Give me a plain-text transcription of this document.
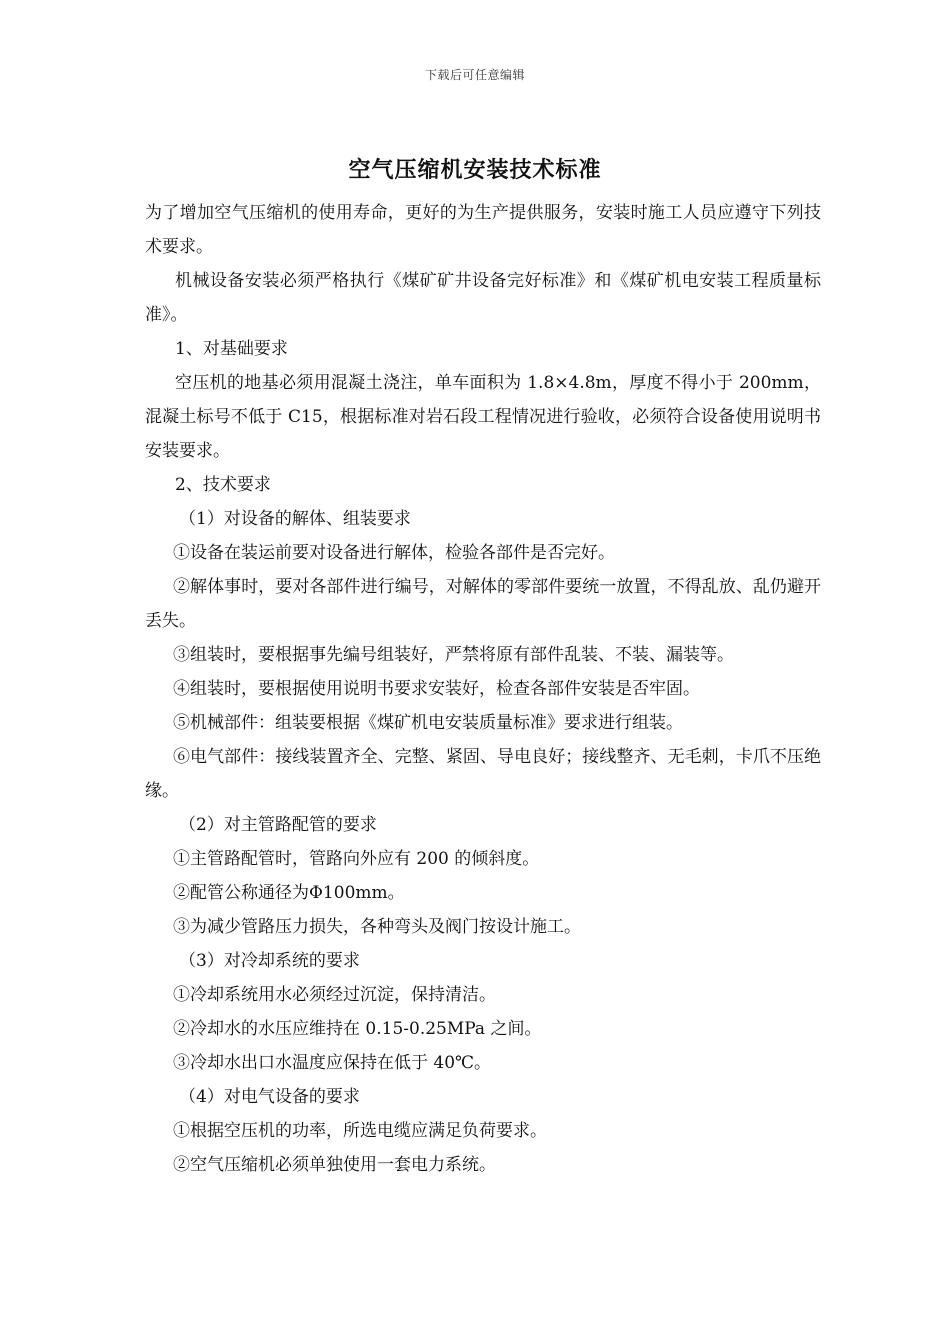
下载后可任意编辑
空气压缩机安装技术标准

为了增加空气压缩机的使用寿命，更好的为生产提供服务，安装时施工人员应遵守下列技术要求。

机械设备安装必须严格执行《煤矿矿井设备完好标准》和《煤矿机电安装工程质量标准》。

1、对基础要求

空压机的地基必须用混凝土浇注，单车面积为 1.8×4.8m，厚度不得小于 200mm，混凝土标号不低于 C15，根据标准对岩石段工程情况进行验收，必须符合设备使用说明书安装要求。

2、技术要求

（1）对设备的解体、组装要求

①设备在装运前要对设备进行解体，检验各部件是否完好。

②解体事时，要对各部件进行编号，对解体的零部件要统一放置，不得乱放、乱仍避开丢失。

③组装时，要根据事先编号组装好，严禁将原有部件乱装、不装、漏装等。

④组装时，要根据使用说明书要求安装好，检查各部件安装是否牢固。

⑤机械部件：组装要根据《煤矿机电安装质量标准》要求进行组装。

⑥电气部件：接线装置齐全、完整、紧固、导电良好；接线整齐、无毛刺，卡爪不压绝缘。

（2）对主管路配管的要求

①主管路配管时，管路向外应有 200 的倾斜度。

②配管公称通径为Φ100mm。

③为减少管路压力损失，各种弯头及阀门按设计施工。

（3）对冷却系统的要求

①冷却系统用水必须经过沉淀，保持清洁。

②冷却水的水压应维持在 0.15-0.25MPa 之间。

③冷却水出口水温度应保持在低于 40℃。

（4）对电气设备的要求

①根据空压机的功率，所选电缆应满足负荷要求。

②空气压缩机必须单独使用一套电力系统。
